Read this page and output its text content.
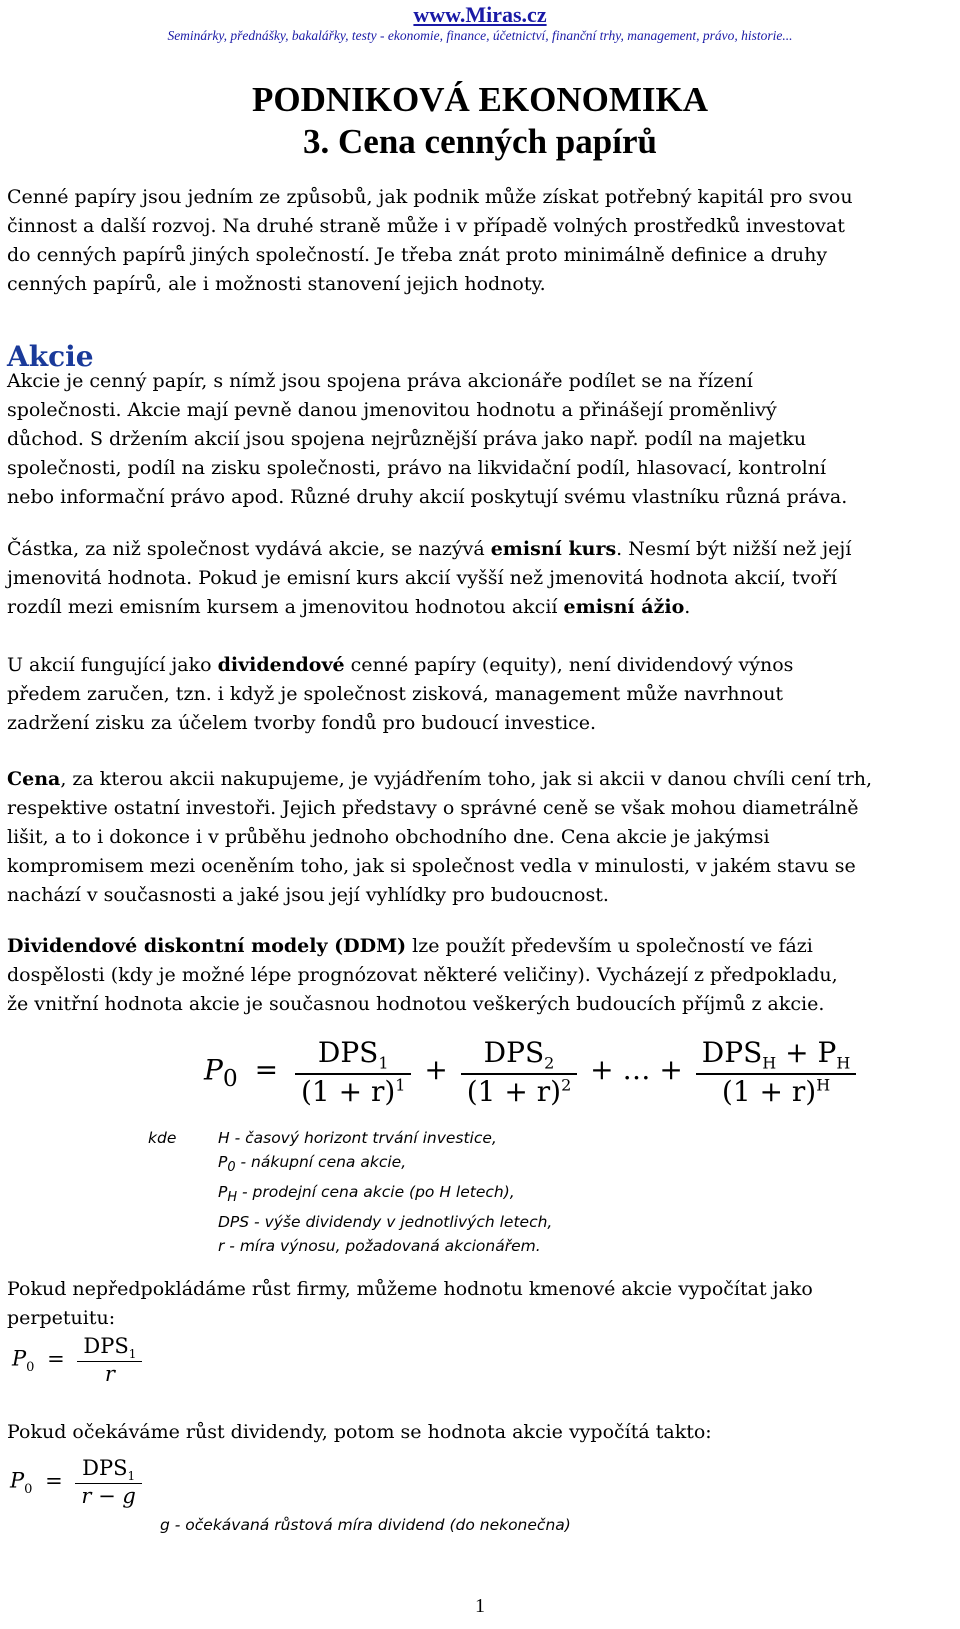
www.Miras.cz
Seminárky, přednášky, bakalářky, testy - ekonomie, finance, účetnictví, finanční trhy, management, právo, historie...
PODNIKOVÁ EKONOMIKA
3. Cena cenných papírů
Cenné papíry jsou jedním ze způsobů, jak podnik může získat potřebný kapitál pro svou
činnost a další rozvoj. Na druhé straně může i v případě volných prostředků investovat
do cenných papírů jiných společností. Je třeba znát proto minimálně definice a druhy
cenných papírů, ale i možnosti stanovení jejich hodnoty.
Akcie
Akcie je cenný papír, s nímž jsou spojena práva akcionáře podílet se na řízení
společnosti. Akcie mají pevně danou jmenovitou hodnotu a přinášejí proměnlivý
důchod. S držením akcií jsou spojena nejrůznější práva jako např. podíl na majetku
společnosti, podíl na zisku společnosti, právo na likvidační podíl, hlasovací, kontrolní
nebo informační právo apod. Různé druhy akcií poskytují svému vlastníku různá práva.
Částka, za niž společnost vydává akcie, se nazývá emisní kurs. Nesmí být nižší než její
jmenovitá hodnota. Pokud je emisní kurs akcií vyšší než jmenovitá hodnota akcií, tvoří
rozdíl mezi emisním kursem a jmenovitou hodnotou akcií emisní ážio.
U akcií fungující jako dividendové cenné papíry (equity), není dividendový výnos
předem zaručen, tzn. i když je společnost zisková, management může navrhnout
zadržení zisku za účelem tvorby fondů pro budoucí investice.
Cena, za kterou akcii nakupujeme, je vyjádřením toho, jak si akcii v danou chvíli cení trh,
respektive ostatní investoři. Jejich představy o správné ceně se však mohou diametrálně
lišit, a to i dokonce i v průběhu jednoho obchodního dne. Cena akcie je jakýmsi
kompromisem mezi oceněním toho, jak si společnost vedla v minulosti, v jakém stavu se
nachází v současnosti a jaké jsou její vyhlídky pro budoucnost.
Dividendové diskontní modely (DDM) lze použít především u společností ve fázi
dospělosti (kdy je možné lépe prognózovat některé veličiny). Vycházejí z předpokladu,
že vnitřní hodnota akcie je současnou hodnotou veškerých budoucích příjmů z akcie.
$P_0 = \frac{DPS_1}{(1 + r)^1} + \frac{DPS_2}{(1 + r)^2}$ + … + $\frac{DPS_H + P_H}{(1 + r)^H}$
kde	H - časový horizont trvání investice,
$P_0$ - nákupní cena akcie,
$P_H$ - prodejní cena akcie (po H letech),
DPS - výše dividendy v jednotlivých letech,
r - míra výnosu, požadovaná akcionářem.
Pokud nepředpokládáme růst firmy, můžeme hodnotu kmenové akcie vypočítat jako
perpetuitu:
$P_0 = \frac{DPS_1}{r}$
Pokud očekáváme růst dividendy, potom se hodnota akcie vypočítá takto:
$P_0 = \frac{DPS_1}{r - g}$
g - očekávaná růstová míra dividend (do nekonečna)
1
